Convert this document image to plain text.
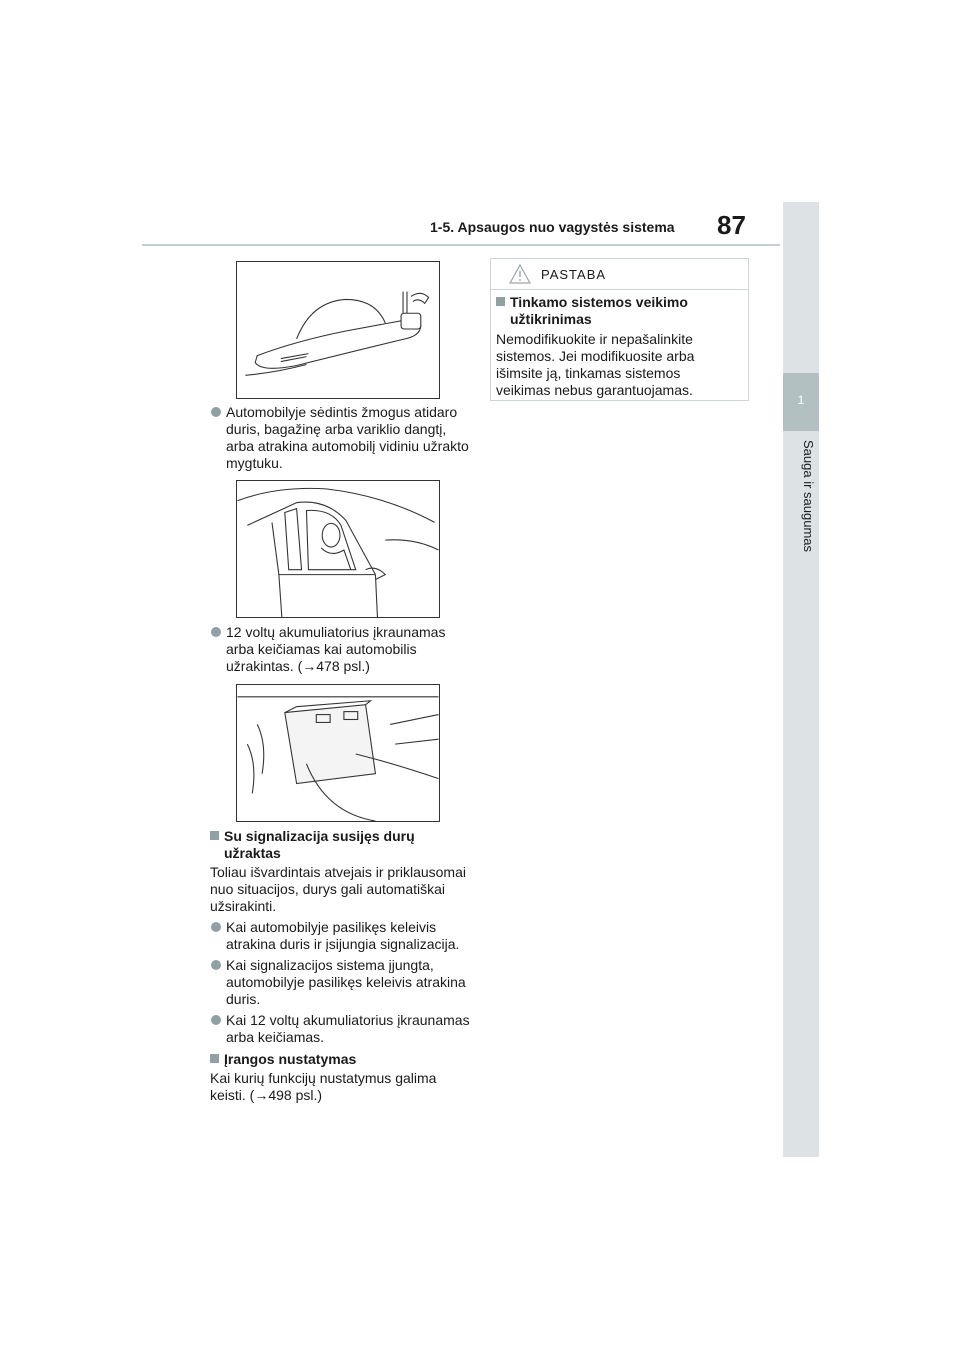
1-5. Apsaugos nuo vagystės sistema 87
1
Sauga ir saugumas
Automobilyje sėdintis žmogus atidaro duris, bagažinę arba variklio dangtį, arba atrakina automobilį vidiniu užrakto mygtuku.
12 voltų akumuliatorius įkraunamas arba keičiamas kai automobilis užrakintas. (→478 psl.)
Su signalizacija susijęs durų užraktas
Toliau išvardintais atvejais ir priklausomai nuo situacijos, durys gali automatiškai užsirakinti.
Kai automobilyje pasilikęs keleivis atrakina duris ir įsijungia signalizacija.
Kai signalizacijos sistema įjungta, automobilyje pasilikęs keleivis atrakina duris.
Kai 12 voltų akumuliatorius įkraunamas arba keičiamas.
Įrangos nustatymas
Kai kurių funkcijų nustatymus galima keisti. (→498 psl.)
PASTABA
Tinkamo sistemos veikimo užtikrinimas
Nemodifikuokite ir nepašalinkite sistemos. Jei modifikuosite arba išimsite ją, tinkamas sistemos veikimas nebus garantuojamas.
